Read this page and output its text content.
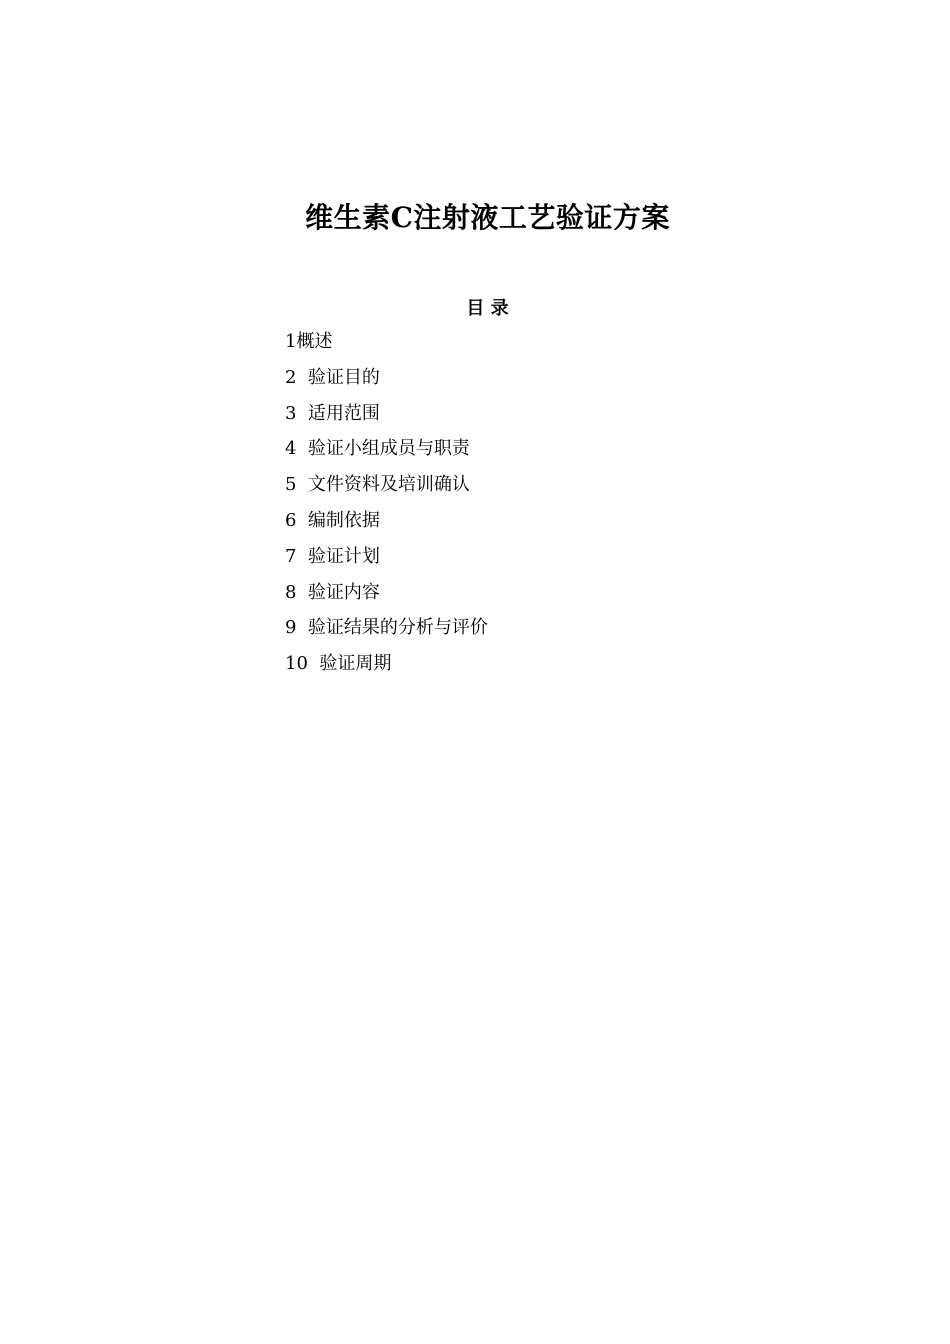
维生素C注射液工艺验证方案
目 录
1概述
2  验证目的
3  适用范围
4  验证小组成员与职责
5  文件资料及培训确认
6  编制依据
7  验证计划
8  验证内容
9  验证结果的分析与评价
10  验证周期
